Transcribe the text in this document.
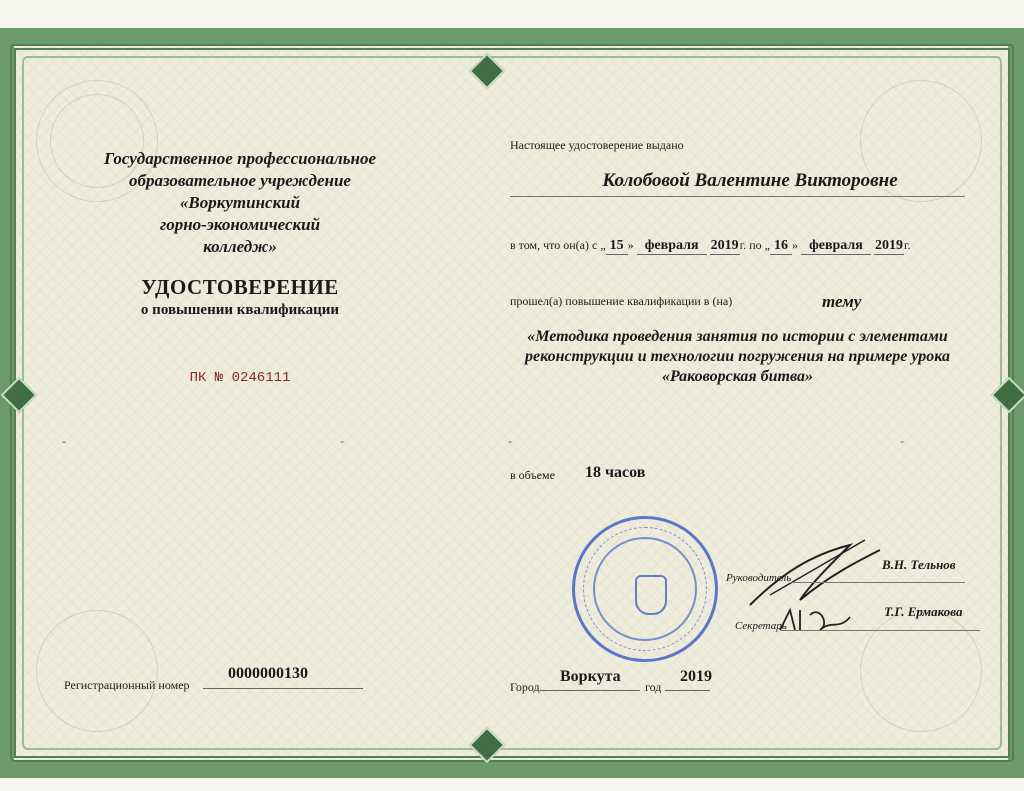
Государственное профессиональное
образовательное учреждение
«Воркутинский
горно-экономический
колледж»
УДОСТОВЕРЕНИЕ
о повышении квалификации
ПК № 0246111
-	-	-	-
Регистрационный номер
0000000130
Настоящее удостоверение выдано
Колобовой Валентине Викторовне
в том, что он(а) с „ 15 » февраля 2019г. по „ 16 » февраля 2019г.
прошел(а) повышение квалификации в (на)	тему
«Методика проведения занятия по истории с элементами реконструкции и технологии погружения на примере урока «Раковорская битва»
в объеме 18 часов
Руководитель
В.Н. Тельнов
Секретарь
Т.Г. Ермакова
Город
Воркута
год
2019
